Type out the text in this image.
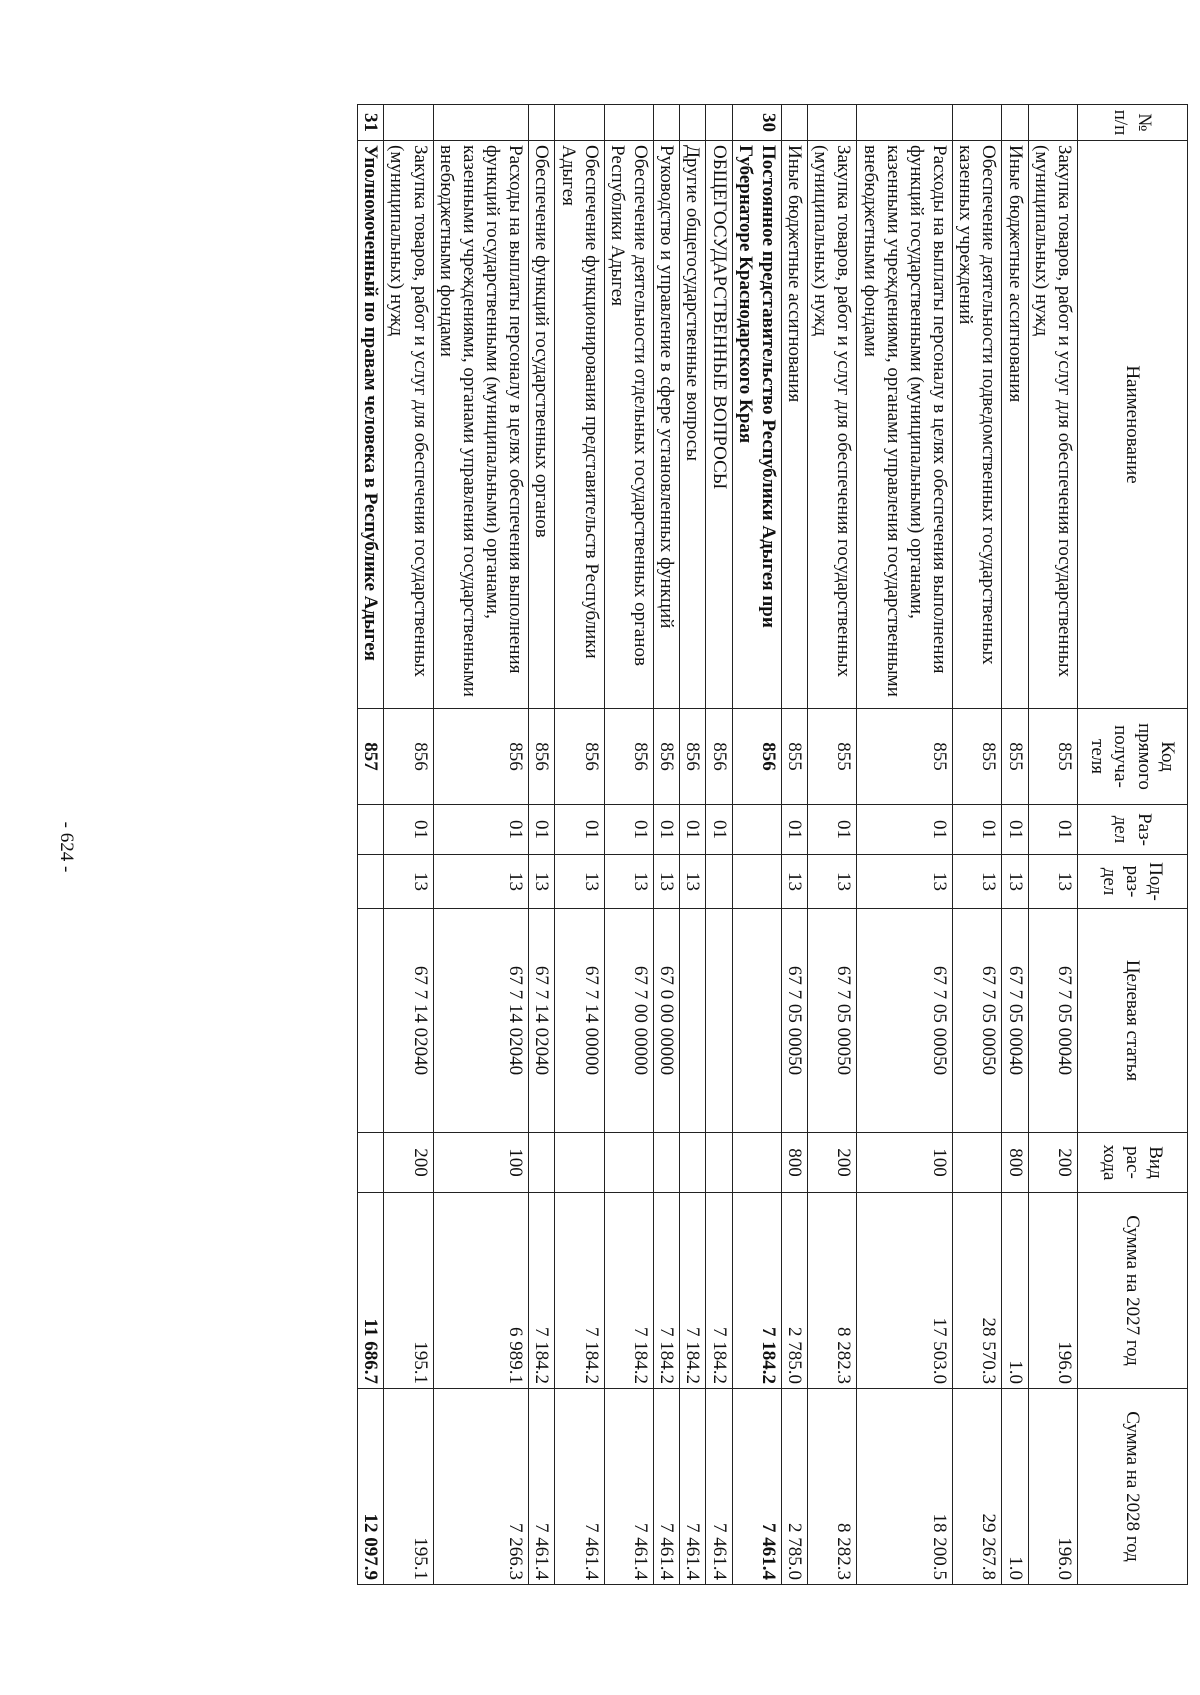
- 624 -
№ п/п	Наименование	Код прямого получа-теля	Раз-дел	Под-раз-дел	Целевая статья	Вид рас-хода	Сумма на 2027 год	Сумма на 2028 год
	Закупка товаров, работ и услуг для обеспечения государственных (муниципальных) нужд	855	01	13	67 7 05 00040	200	196.0	196.0
	Иные бюджетные ассигнования	855	01	13	67 7 05 00040	800	1.0	1.0
	Обеспечение деятельности подведомственных государственных казенных учреждений	855	01	13	67 7 05 00050		28 570.3	29 267.8
	Расходы на выплаты персоналу в целях обеспечения выполнения функций государственными (муниципальными) органами, казенными учреждениями, органами управления государственными внебюджетными фондами	855	01	13	67 7 05 00050	100	17 503.0	18 200.5
	Закупка товаров, работ и услуг для обеспечения государственных (муниципальных) нужд	855	01	13	67 7 05 00050	200	8 282.3	8 282.3
	Иные бюджетные ассигнования	855	01	13	67 7 05 00050	800	2 785.0	2 785.0
30	Постоянное представительство Республики Адыгея при Губернаторе Краснодарского Края	856					7 184.2	7 461.4
	ОБЩЕГОСУДАРСТВЕННЫЕ ВОПРОСЫ	856	01				7 184.2	7 461.4
	Другие общегосударственные вопросы	856	01	13			7 184.2	7 461.4
	Руководство и управление в сфере установленных функций	856	01	13	67 0 00 00000		7 184.2	7 461.4
	Обеспечение деятельности отдельных государственных органов Республики Адыгея	856	01	13	67 7 00 00000		7 184.2	7 461.4
	Обеспечение функционирования представительств Республики Адыгея	856	01	13	67 7 14 00000		7 184.2	7 461.4
	Обеспечение функций государственных органов	856	01	13	67 7 14 02040		7 184.2	7 461.4
	Расходы на выплаты персоналу в целях обеспечения выполнения функций государственными (муниципальными) органами, казенными учреждениями, органами управления государственными внебюджетными фондами	856	01	13	67 7 14 02040	100	6 989.1	7 266.3
	Закупка товаров, работ и услуг для обеспечения государственных (муниципальных) нужд	856	01	13	67 7 14 02040	200	195.1	195.1
31	Уполномоченный по правам человека в Республике Адыгея	857					11 686.7	12 097.9
